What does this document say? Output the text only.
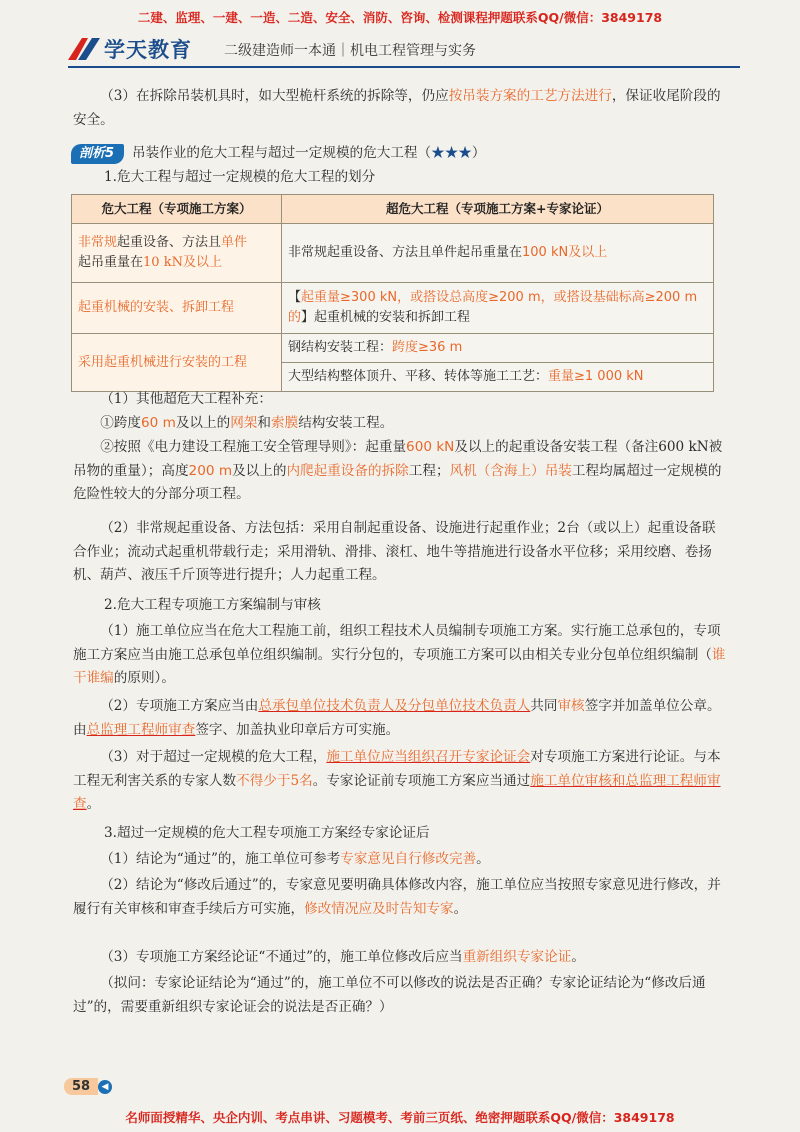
二建、监理、一建、一造、二造、安全、消防、咨询、检测课程押题联系QQ/微信：3849178
学天教育 二级建造师一本通｜机电工程管理与实务
（3）在拆除吊装机具时，如大型桅杆系统的拆除等，仍应按吊装方案的工艺方法进行，保证收尾阶段的安全。
剖析5 吊装作业的危大工程与超过一定规模的危大工程（★★★）
1.危大工程与超过一定规模的危大工程的划分
危大工程（专项施工方案）	超危大工程（专项施工方案+专家论证）
非常规起重设备、方法且单件
起吊重量在10 kN及以上	非常规起重设备、方法且单件起吊重量在100 kN及以上
起重机械的安装、拆卸工程	【起重量≥300 kN，或搭设总高度≥200 m，或搭设基础标高≥200 m的】起重机械的安装和拆卸工程
采用起重机械进行安装的工程	钢结构安装工程：跨度≥36 m
	大型结构整体顶升、平移、转体等施工工艺：重量≥1 000 kN
（1）其他超危大工程补充：
①跨度60 m及以上的网架和索膜结构安装工程。
②按照《电力建设工程施工安全管理导则》：起重量600 kN及以上的起重设备安装工程（备注600 kN被吊物的重量）；高度200 m及以上的内爬起重设备的拆除工程；风机（含海上）吊装工程均属超过一定规模的危险性较大的分部分项工程。
（2）非常规起重设备、方法包括：采用自制起重设备、设施进行起重作业；2台（或以上）起重设备联合作业；流动式起重机带载行走；采用滑轨、滑排、滚杠、地牛等措施进行设备水平位移；采用绞磨、卷扬机、葫芦、液压千斤顶等进行提升；人力起重工程。
2.危大工程专项施工方案编制与审核
（1）施工单位应当在危大工程施工前，组织工程技术人员编制专项施工方案。实行施工总承包的，专项施工方案应当由施工总承包单位组织编制。实行分包的，专项施工方案可以由相关专业分包单位组织编制（谁干谁编的原则）。
（2）专项施工方案应当由总承包单位技术负责人及分包单位技术负责人共同审核签字并加盖单位公章。由总监理工程师审查签字、加盖执业印章后方可实施。
（3）对于超过一定规模的危大工程，施工单位应当组织召开专家论证会对专项施工方案进行论证。与本工程无利害关系的专家人数不得少于5名。专家论证前专项施工方案应当通过施工单位审核和总监理工程师审查。
3.超过一定规模的危大工程专项施工方案经专家论证后
（1）结论为“通过”的，施工单位可参考专家意见自行修改完善。
（2）结论为“修改后通过”的，专家意见要明确具体修改内容，施工单位应当按照专家意见进行修改，并履行有关审核和审查手续后方可实施，修改情况应及时告知专家。
（3）专项施工方案经论证“不通过”的，施工单位修改后应当重新组织专家论证。
（拟问：专家论证结论为“通过”的，施工单位不可以修改的说法是否正确？专家论证结论为“修改后通过”的，需要重新组织专家论证会的说法是否正确？）
58	◀
名师面授精华、央企内训、考点串讲、习题模考、考前三页纸、绝密押题联系QQ/微信：3849178
